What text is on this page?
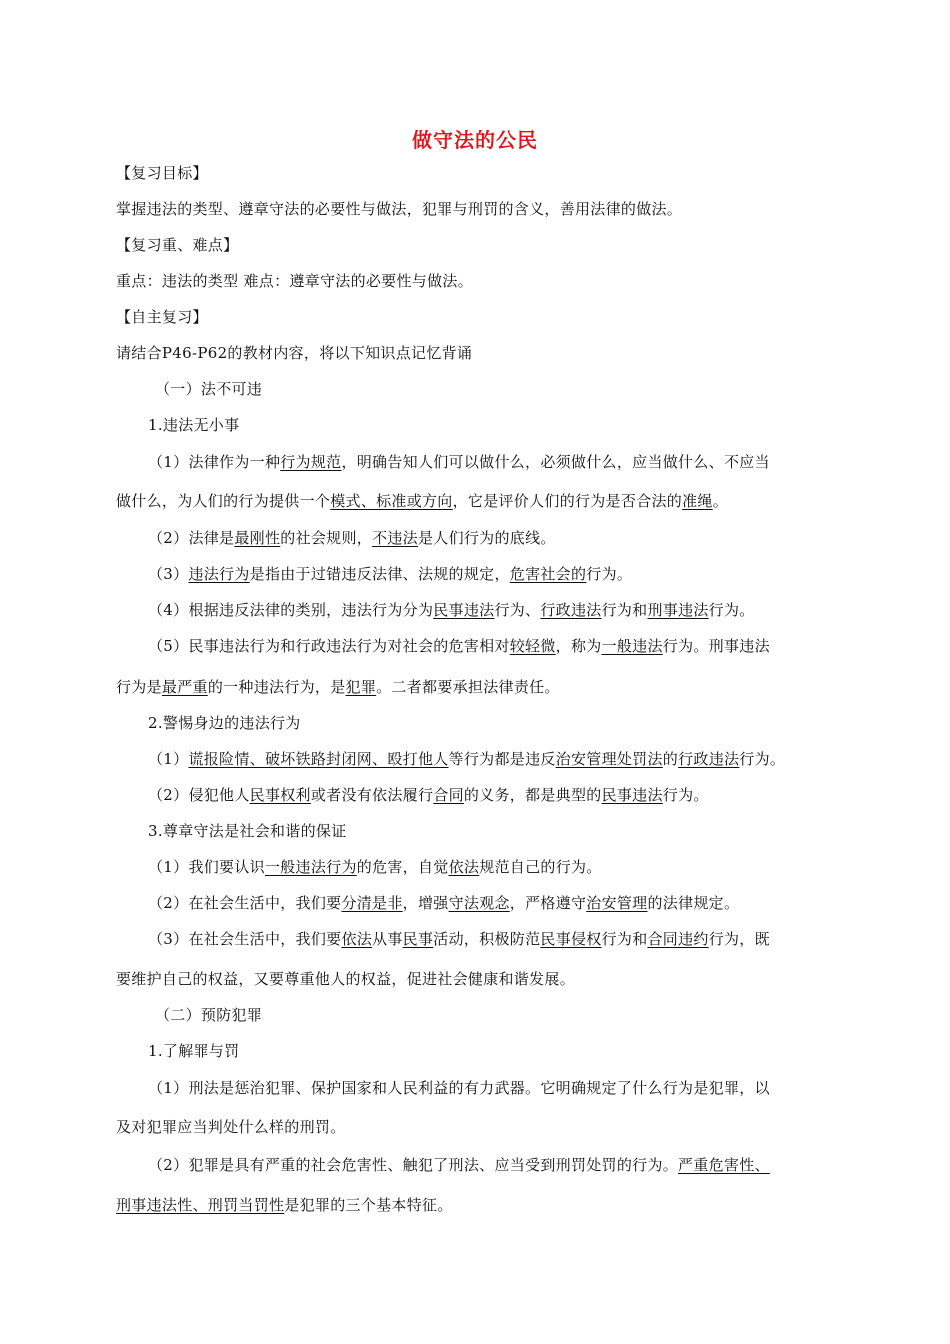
做守法的公民
【复习目标】
掌握违法的类型、遵章守法的必要性与做法，犯罪与刑罚的含义，善用法律的做法。
【复习重、难点】
重点：违法的类型 难点：遵章守法的必要性与做法。
【自主复习】
请结合P46-P62的教材内容，将以下知识点记忆背诵
（一）法不可违
1.违法无小事
（1）法律作为一种行为规范，明确告知人们可以做什么，必须做什么，应当做什么、不应当
做什么，为人们的行为提供一个模式、标准或方向，它是评价人们的行为是否合法的准绳。
（2）法律是最刚性的社会规则，不违法是人们行为的底线。
（3）违法行为是指由于过错违反法律、法规的规定，危害社会的行为。
（4）根据违反法律的类别，违法行为分为民事违法行为、行政违法行为和刑事违法行为。
（5）民事违法行为和行政违法行为对社会的危害相对较轻微，称为一般违法行为。刑事违法
行为是最严重的一种违法行为，是犯罪。二者都要承担法律责任。
2.警惕身边的违法行为
（1）谎报险情、破坏铁路封闭网、殴打他人等行为都是违反治安管理处罚法的行政违法行为。
（2）侵犯他人民事权利或者没有依法履行合同的义务，都是典型的民事违法行为。
3.尊章守法是社会和谐的保证
（1）我们要认识一般违法行为的危害，自觉依法规范自己的行为。
（2）在社会生活中，我们要分清是非，增强守法观念，严格遵守治安管理的法律规定。
（3）在社会生活中，我们要依法从事民事活动，积极防范民事侵权行为和合同违约行为，既
要维护自己的权益，又要尊重他人的权益，促进社会健康和谐发展。
（二）预防犯罪
1.了解罪与罚
（1）刑法是惩治犯罪、保护国家和人民利益的有力武器。它明确规定了什么行为是犯罪，以
及对犯罪应当判处什么样的刑罚。
（2）犯罪是具有严重的社会危害性、触犯了刑法、应当受到刑罚处罚的行为。严重危害性、
刑事违法性、刑罚当罚性是犯罪的三个基本特征。
